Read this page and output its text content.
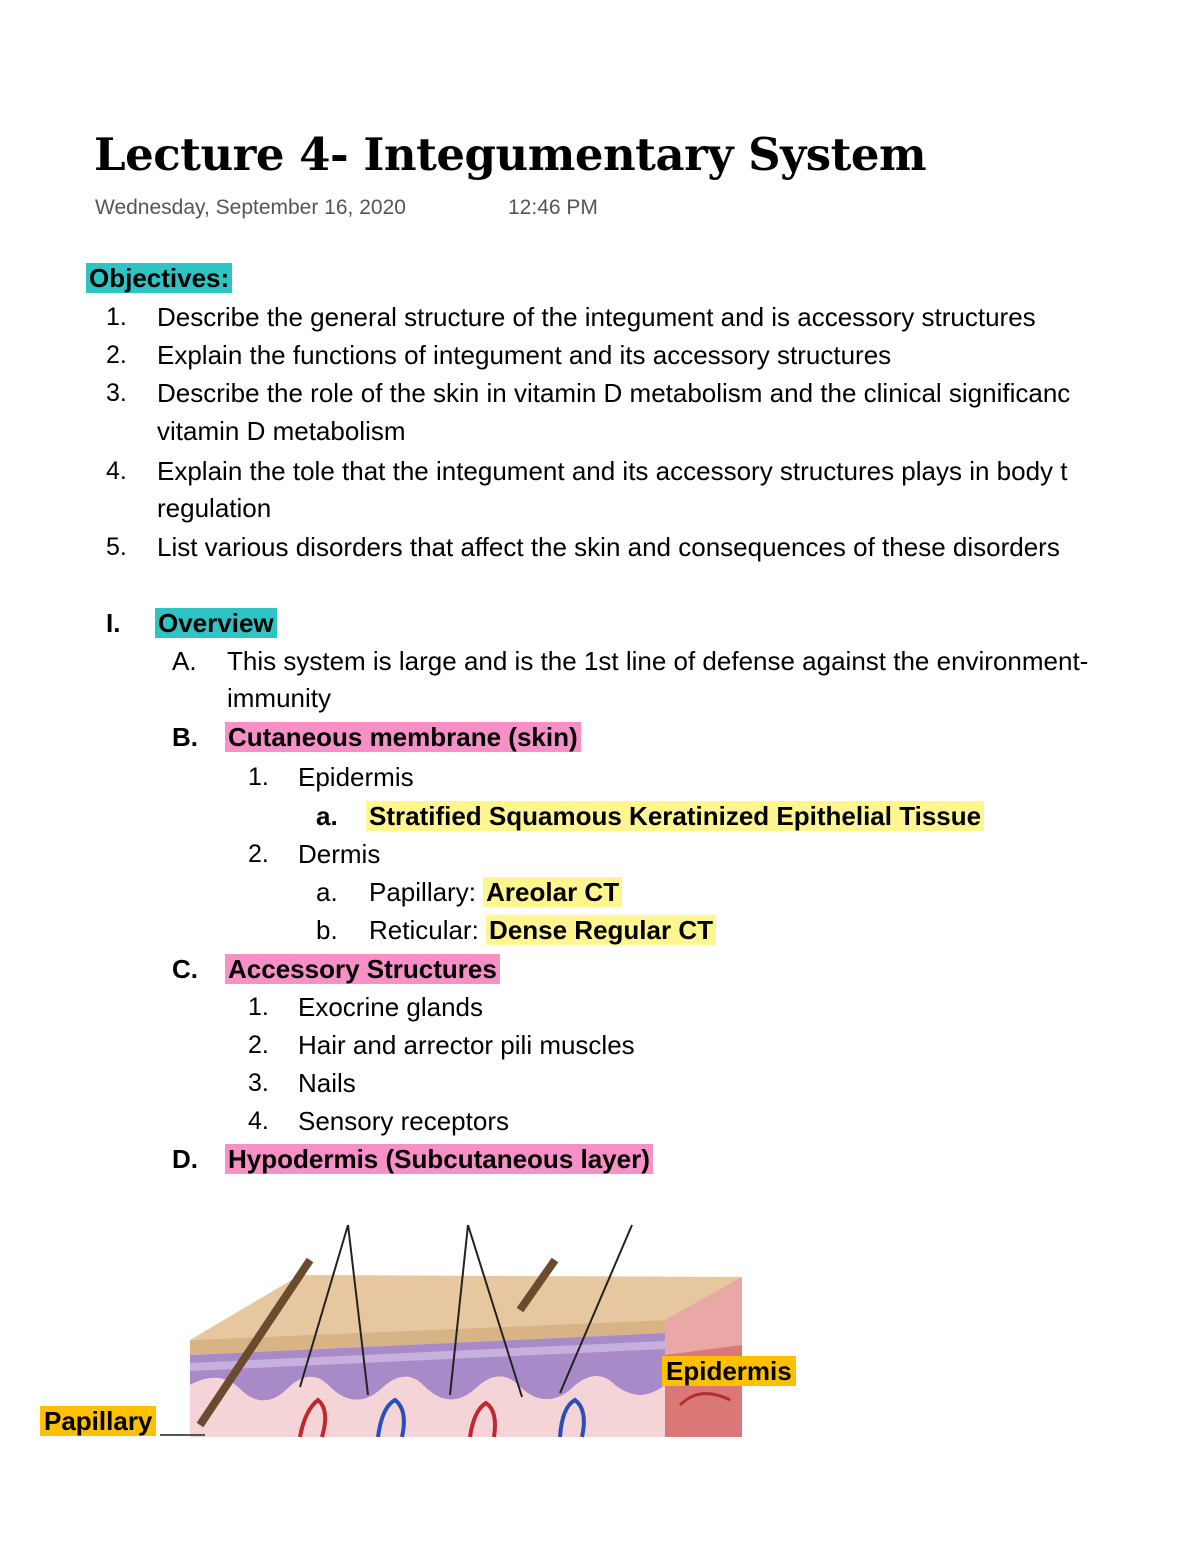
Lecture 4- Integumentary System
Wednesday, September 16, 2020	12:46 PM
Objectives:
1. Describe the general structure of the integument and is accessory structures
2. Explain the functions of integument and its accessory structures
3. Describe the role of the skin in vitamin D metabolism and the clinical significanc
vitamin D metabolism
4. Explain the tole that the integument and its accessory structures plays in body t
regulation
5. List various disorders that affect the skin and consequences of these disorders
I. Overview
A. This system is large and is the 1st line of defense against the environment-
immunity
B. Cutaneous membrane (skin)
1. Epidermis
a. Stratified Squamous Keratinized Epithelial Tissue
2. Dermis
a. Papillary: Areolar CT
b. Reticular: Dense Regular CT
C. Accessory Structures
1. Exocrine glands
2. Hair and arrector pili muscles
3. Nails
4. Sensory receptors
D. Hypodermis (Subcutaneous layer)
Epidermis
Papillary
